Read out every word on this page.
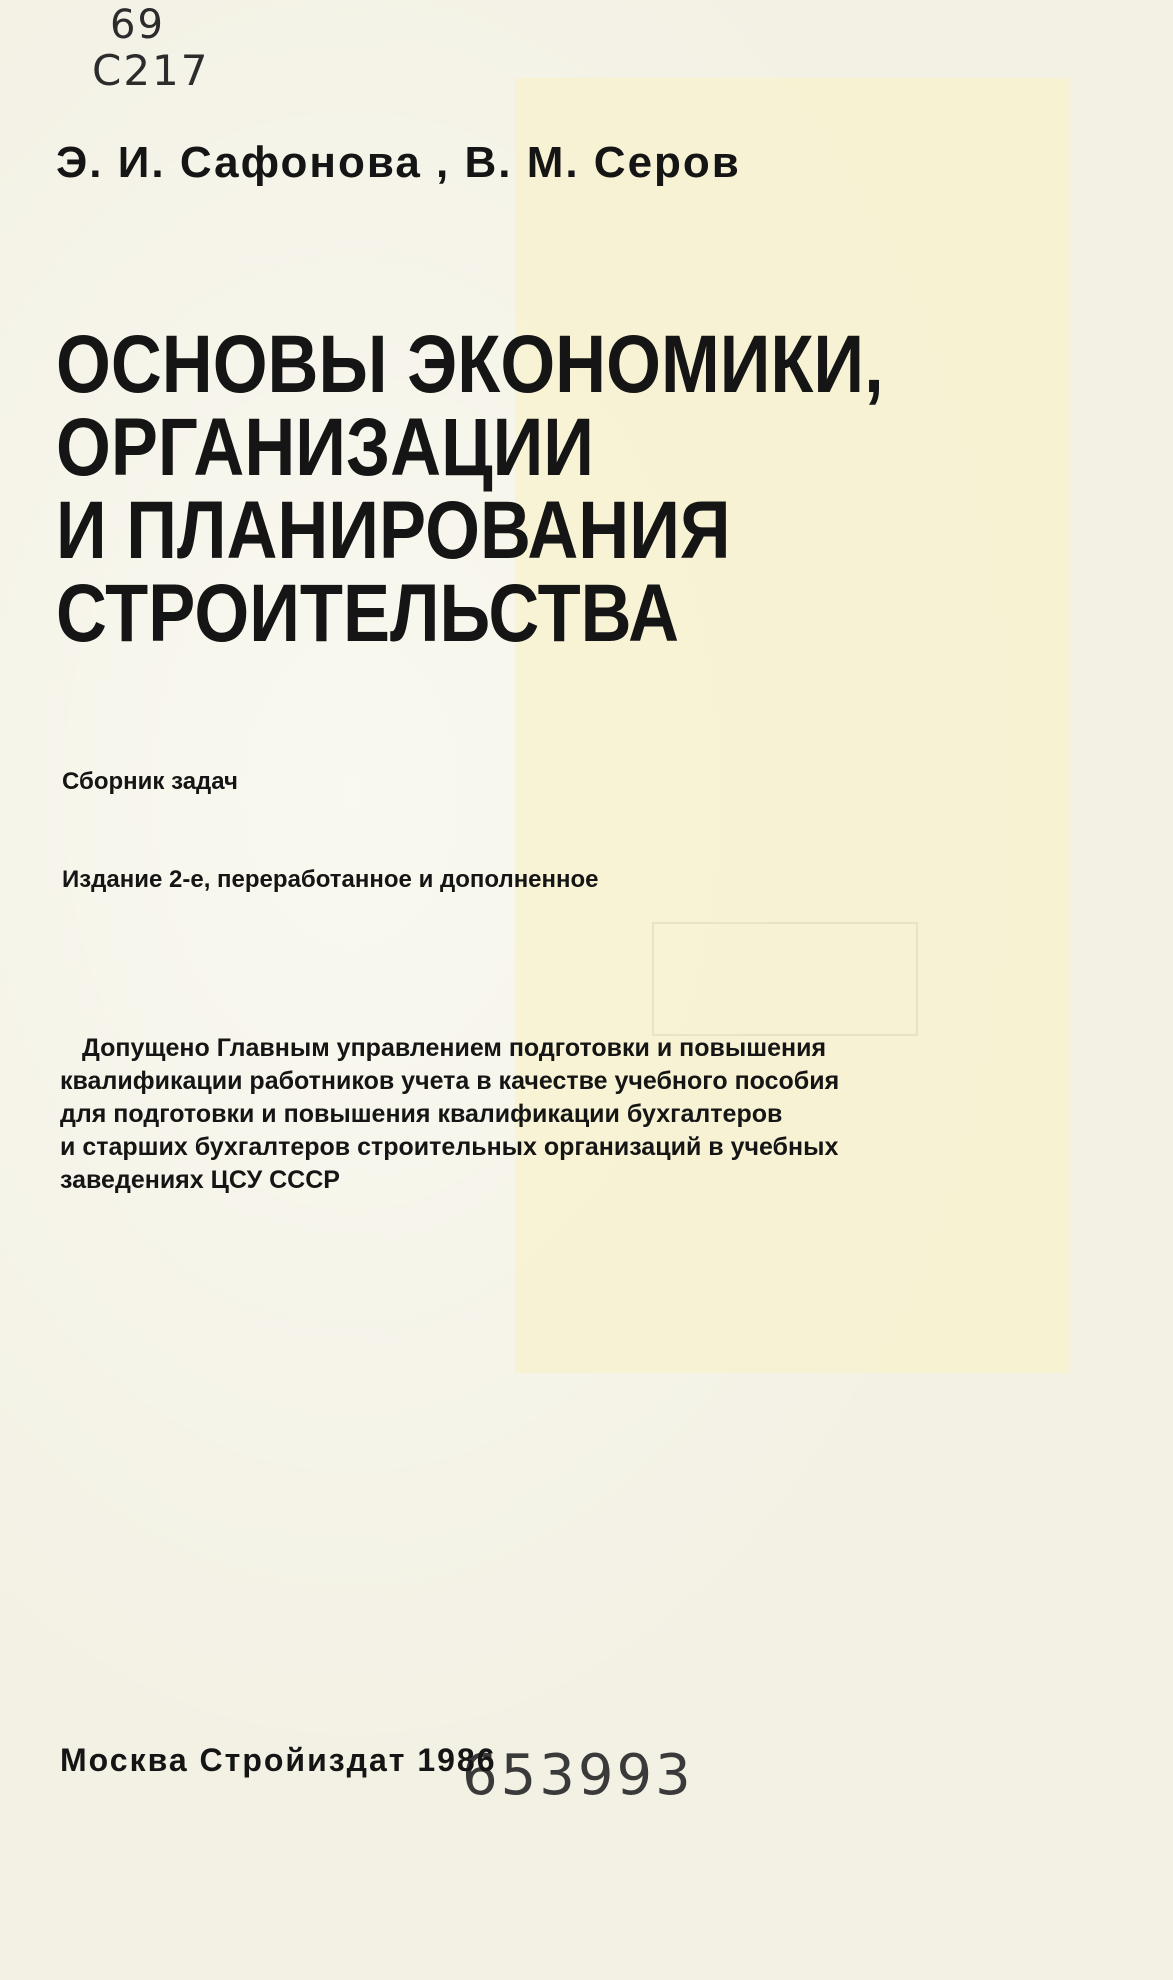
69
С217
Э. И. Сафонова , В. М. Серов
ОСНОВЫ ЭКОНОМИКИ,
ОРГАНИЗАЦИИ
И ПЛАНИРОВАНИЯ
СТРОИТЕЛЬСТВА
Сборник задач
Издание 2-е, переработанное и дополненное
Допущено Главным управлением подготовки и повышения
квалификации работников учета в качестве учебного пособия
для подготовки и повышения квалификации бухгалтеров
и старших бухгалтеров строительных организаций в учебных
заведениях ЦСУ СССР
653993
Москва Стройиздат 1986
